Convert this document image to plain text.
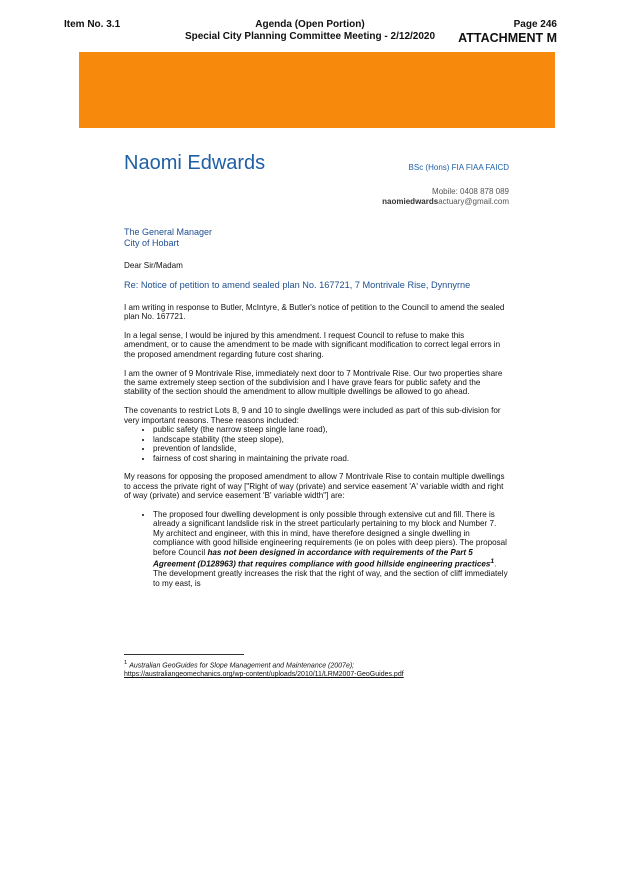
Item No. 3.1	Agenda (Open Portion)
Special City Planning Committee Meeting - 2/12/2020
Page 246
ATTACHMENT M
Naomi Edwards	BSc (Hons) FIA FIAA FAICD
Mobile: 0408 878 089
naomiedwardsactuary@gmail.com
The General Manager
City of Hobart

Dear Sir/Madam

Re: Notice of petition to amend sealed plan No. 167721, 7 Montrivale Rise, Dynnyrne

I am writing in response to Butler, McIntyre, & Butler's notice of petition to the Council to amend the sealed plan No. 167721.

In a legal sense, I would be injured by this amendment. I request Council to refuse to make this amendment, or to cause the amendment to be made with significant modification to correct legal errors in the proposed amendment regarding future cost sharing.

I am the owner of 9 Montrivale Rise, immediately next door to 7 Montrivale Rise. Our two properties share the same extremely steep section of the subdivision and I have grave fears for public safety and the stability of the section should the amendment to allow multiple dwellings be allowed to go ahead.

The covenants to restrict Lots 8, 9 and 10 to single dwellings were included as part of this sub-division for very important reasons. These reasons included:

• public safety (the narrow steep single lane road),
• landscape stability (the steep slope),
• prevention of landslide,
• fairness of cost sharing in maintaining the private road.

My reasons for opposing the proposed amendment to allow 7 Montrivale Rise to contain multiple dwellings to access the private right of way ["Right of way (private) and service easement 'A' variable width and right of way (private) and service easement 'B' variable width"] are:

• The proposed four dwelling development is only possible through extensive cut and fill. There is already a significant landslide risk in the street particularly pertaining to my block and Number 7. My architect and engineer, with this in mind, have therefore designed a single dwelling in compliance with good hillside engineering requirements (ie on poles with deep piers). The proposal before Council has not been designed in accordance with requirements of the Part 5 Agreement (D128963) that requires compliance with good hillside engineering practices$^1$. The development greatly increases the risk that the right of way, and the section of cliff immediately to my east, is
$^1$ Australian GeoGuides for Slope Management and Maintenance (2007e);
https://australiangeomechanics.org/wp-content/uploads/2010/11/LRM2007-GeoGuides.pdf
